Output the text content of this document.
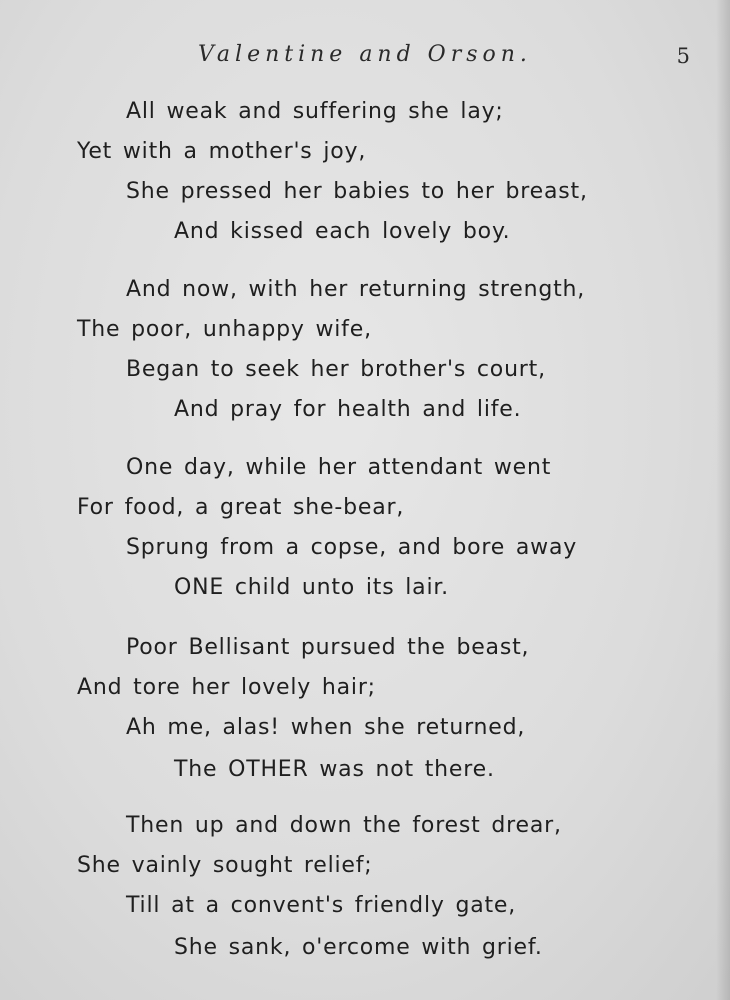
Valentine and Orson.	5
All weak and suffering she lay;
Yet with a mother's joy,
She pressed her babies to her breast,
And kissed each lovely boy.
And now, with her returning strength,
The poor, unhappy wife,
Began to seek her brother's court,
And pray for health and life.
One day, while her attendant went
For food, a great she-bear,
Sprung from a copse, and bore away
ONE child unto its lair.
Poor Bellisant pursued the beast,
And tore her lovely hair;
Ah me, alas! when she returned,
The OTHER was not there.
Then up and down the forest drear,
She vainly sought relief;
Till at a convent's friendly gate,
She sank, o'ercome with grief.
